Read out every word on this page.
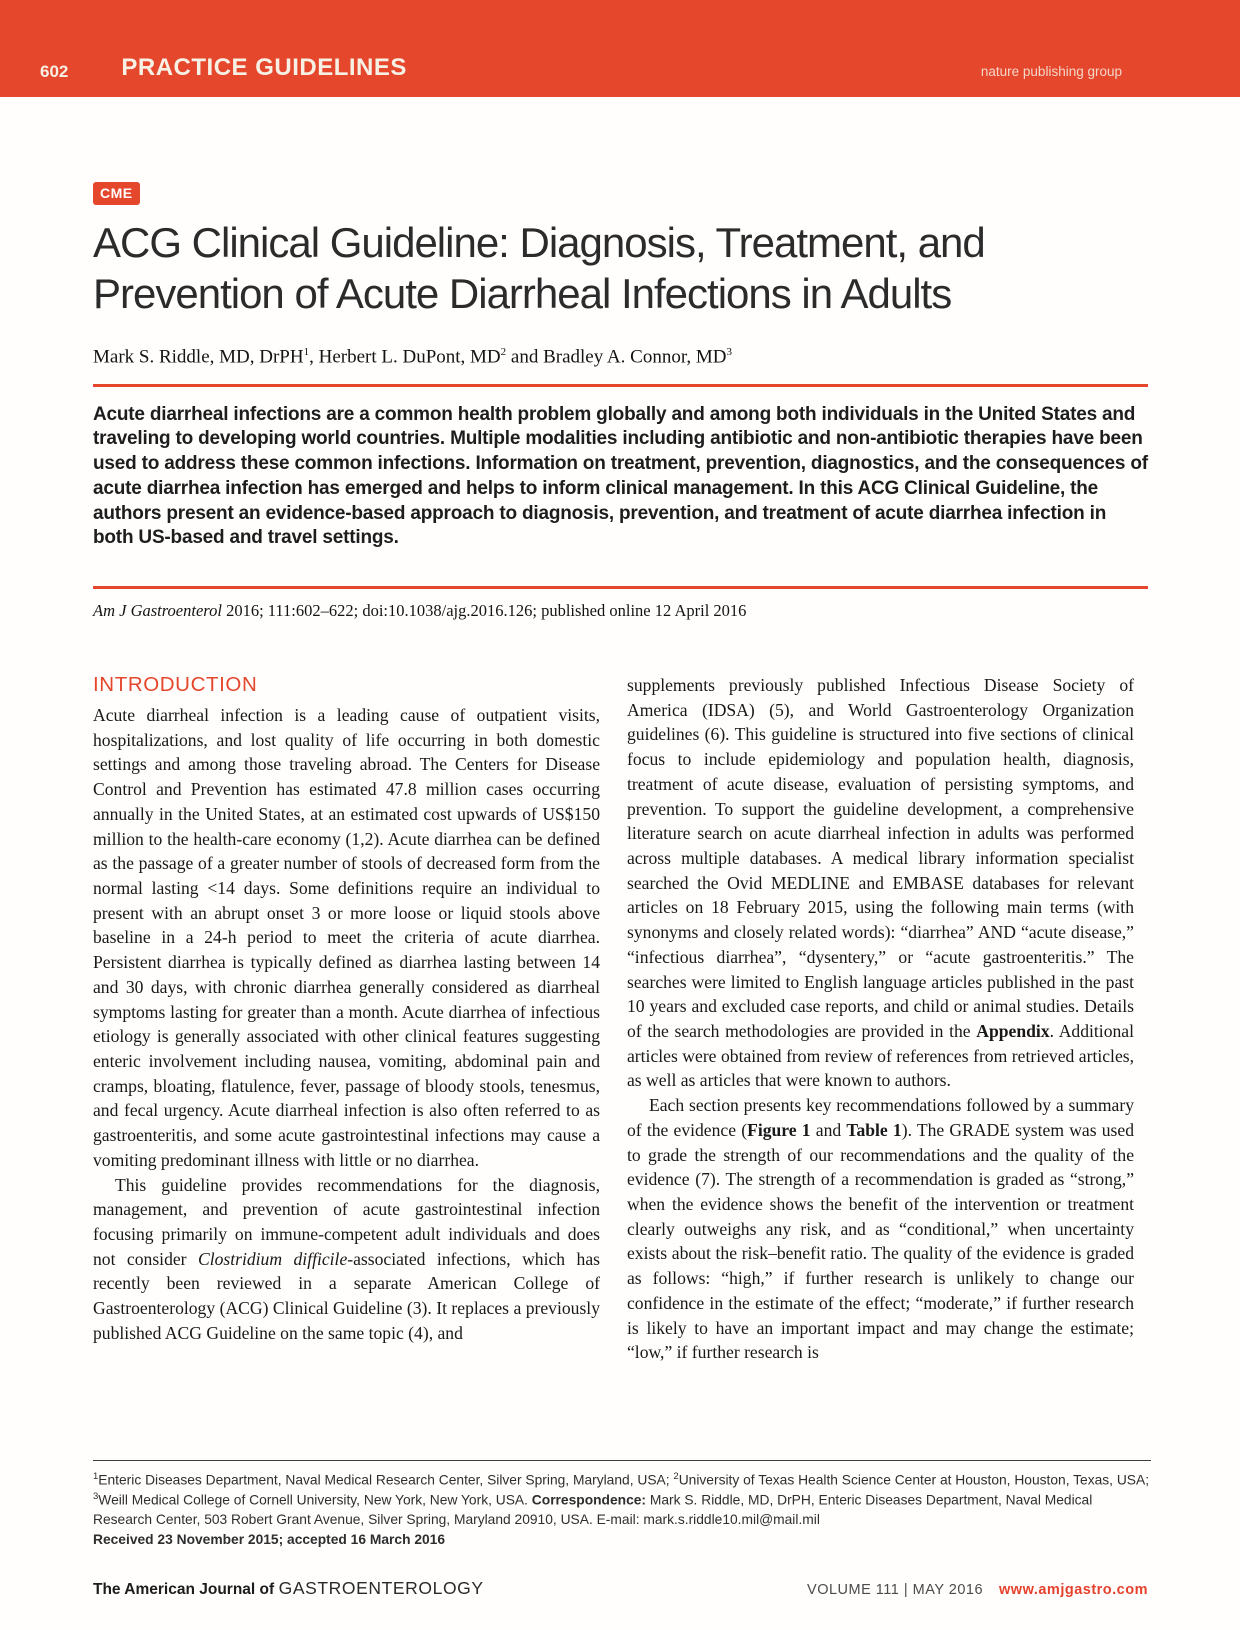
602 PRACTICE GUIDELINES	nature publishing group
CME
ACG Clinical Guideline: Diagnosis, Treatment, and
Prevention of Acute Diarrheal Infections in Adults

Mark S. Riddle, MD, DrPH$^1$, Herbert L. DuPont, $MD^2$ and Bradley A. Connor, $MD^3$

Acute diarrheal infections are a common health problem globally and among both individuals in the United States and traveling to developing world countries. Multiple modalities including antibiotic and non-antibiotic therapies have been used to address these common infections. Information on treatment, prevention, diagnostics, and the consequences of acute diarrhea infection has emerged and helps to inform clinical management. In this ACG Clinical Guideline, the authors present an evidence-based approach to diagnosis, prevention, and treatment of acute diarrhea infection in both US-based and travel settings.

Am J Gastroenterol 2016; 111:602–622; doi:10.1038/ajg.2016.126; published online 12 April 2016

INTRODUCTION

Acute diarrheal infection is a leading cause of outpatient visits, hospitalizations, and lost quality of life occurring in both domestic settings and among those traveling abroad. The Centers for Disease Control and Prevention has estimated 47.8 million cases occurring annually in the United States, at an estimated cost upwards of US$150 million to the health-care economy (1,2). Acute diarrhea can be defined as the passage of a greater number of stools of decreased form from the normal lasting <14 days. Some definitions require an individual to present with an abrupt onset 3 or more loose or liquid stools above baseline in a 24-h period to meet the criteria of acute diarrhea. Persistent diarrhea is typically defined as diarrhea lasting between 14 and 30 days, with chronic diarrhea generally considered as diarrheal symptoms lasting for greater than a month. Acute diarrhea of infectious etiology is generally associated with other clinical features suggesting enteric involvement including nausea, vomiting, abdominal pain and cramps, bloating, flatulence, fever, passage of bloody stools, tenesmus, and fecal urgency. Acute diarrheal infection is also often referred to as gastroenteritis, and some acute gastrointestinal infections may cause a vomiting predominant illness with little or no diarrhea.

This guideline provides recommendations for the diagnosis, management, and prevention of acute gastrointestinal infection focusing primarily on immune-competent adult individuals and does not consider Clostridium difficile-associated infections, which has recently been reviewed in a separate American College of Gastroenterology (ACG) Clinical Guideline (3). It replaces a previously published ACG Guideline on the same topic (4), and

supplements previously published Infectious Disease Society of America (IDSA) (5), and World Gastroenterology Organization guidelines (6). This guideline is structured into five sections of clinical focus to include epidemiology and population health, diagnosis, treatment of acute disease, evaluation of persisting symptoms, and prevention. To support the guideline development, a comprehensive literature search on acute diarrheal infection in adults was performed across multiple databases. A medical library information specialist searched the Ovid MEDLINE and EMBASE databases for relevant articles on 18 February 2015, using the following main terms (with synonyms and closely related words): “diarrhea” AND “acute disease,” “infectious diarrhea”, “dysentery,” or “acute gastroenteritis.” The searches were limited to English language articles published in the past 10 years and excluded case reports, and child or animal studies. Details of the search methodologies are provided in the Appendix. Additional articles were obtained from review of references from retrieved articles, as well as articles that were known to authors.

Each section presents key recommendations followed by a summary of the evidence (Figure 1 and Table 1). The GRADE system was used to grade the strength of our recommendations and the quality of the evidence (7). The strength of a recommendation is graded as “strong,” when the evidence shows the benefit of the intervention or treatment clearly outweighs any risk, and as “conditional,” when uncertainty exists about the risk–benefit ratio. The quality of the evidence is graded as follows: “high,” if further research is unlikely to change our confidence in the estimate of the effect; “moderate,” if further research is likely to have an important impact and may change the estimate; “low,” if further research is

$^1$Enteric Diseases Department, Naval Medical Research Center, Silver Spring, Maryland, USA; $^2$University of Texas Health Science Center at Houston, Houston, Texas, USA; $^3$Weill Medical College of Cornell University, New York, New York, USA. Correspondence: Mark S. Riddle, MD, DrPH, Enteric Diseases Department, Naval Medical Research Center, 503 Robert Grant Avenue, Silver Spring, Maryland 20910, USA. E-mail: mark.s.riddle10.mil@mail.mil

Received 23 November 2015; accepted 16 March 2016

The American Journal of GASTROENTEROLOGY	VOLUME 111 | MAY 2016 www.amjgastro.com
